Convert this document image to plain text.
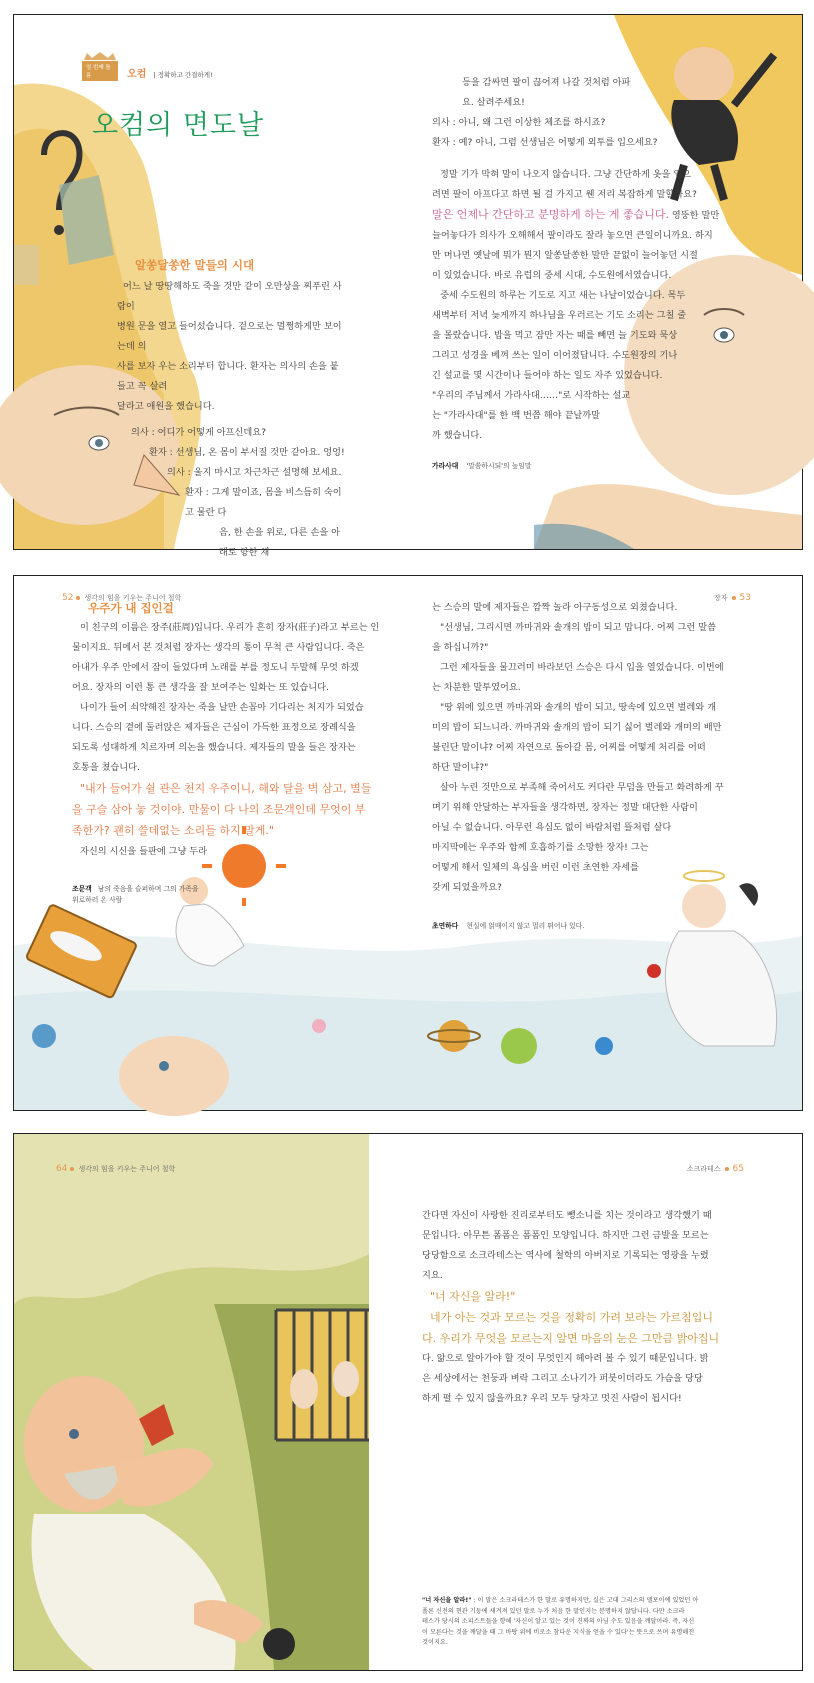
열 번째 틀름	오컴 | 정확하고 간결하게!
오컴의 면도날

알쏭달쏭한 말들의 시대

어느 날 땅땅해하도 죽을 것만 같이 오만상을 찌푸린 사람이

병원 문을 열고 들어섰습니다. 겉으로는 멀쩡하게만 보이는데 의

사를 보자 우는 소리부터 합니다. 환자는 의사의 손을 붙들고 꼭 살려

달라고 애원을 했습니다.

의사 : 어디가 어떻게 아프신데요?

환자 : 선생님, 온 몸이 부서질 것만 같아요. 엉엉!

의사 : 울지 마시고 차근차근 설명해 보세요.

환자 : 그게 말이죠, 몸을 비스듬히 숙이고 물란 다

음, 한 손을 위로, 다른 손을 아래로 향한 채

등을 감싸면 팔이 끊어져 나갈 것처럼 아파

요. 살려주세요!

의사 : 아니, 왜 그런 이상한 체조를 하시죠?

환자 : 예? 아니, 그럼 선생님은 어떻게 외투를 입으세요?

정말 기가 막혀 말이 나오지 않습니다. 그냥 간단하게 옷을 입으

려면 팔이 아프다고 하면 될 걸 가지고 웬 저리 복잡하게 말할까요?

말은 언제나 간단하고 분명하게 하는 게 좋습니다. 영뚱한 말만

늘어놓다가 의사가 오해해서 팔이라도 잘라 놓으면 큰일이니까요. 하지

만 머나먼 옛날에 뭐가 뭔지 알쏭달쏭한 말만 끝없이 늘어놓던 시절

이 있었습니다. 바로 유럽의 중세 시대, 수도원에서였습니다.

중세 수도원의 하루는 기도로 지고 새는 나날이었습니다. 목두

새벽부터 저녁 늦게까지 하나님을 우러르는 기도 소리는 그칠 줄

을 몰랐습니다. 밥을 먹고 잠만 자는 때를 빼면 늘 기도와 묵상

그리고 성경을 베껴 쓰는 일이 이어졌답니다. 수도원장의 기나

긴 설교를 몇 시간이나 들어야 하는 일도 자주 있었습니다.

"우리의 주님께서 가라사대……"로 시작하는 설교

는 "가라사대"를 한 백 번쯤 해야 끝날까말

까 했습니다.

가라사대 '말씀하시되'의 높임말
52 생각의 힘을 키우는 주니어 철학	장자 53

우주가 내 집인걸

이 친구의 이름은 장주(莊周)입니다. 우리가 흔히 장자(莊子)라고 부르는 인

물이지요. 뒤에서 본 것처럼 장자는 생각의 통이 무척 큰 사람입니다. 죽은

아내가 우주 안에서 잠이 들었다며 노래를 부를 정도니 두말해 무엇 하겠

어요. 장자의 이런 통 큰 생각을 잘 보여주는 일화는 또 있습니다.

나이가 들어 쇠약해진 장자는 죽을 날만 손꼽아 기다리는 처지가 되었습

니다. 스승의 곁에 둘러앉은 제자들은 근심이 가득한 표정으로 장례식을

되도록 성대하게 치르자며 의논을 했습니다. 제자들의 말을 들은 장자는

호통을 쳤습니다.

"내가 들어가 쉴 관은 천지 우주이니, 해와 달을 벽 삼고, 별들

을 구슬 삼아 놓 것이야. 만물이 다 나의 조문객인데 무엇이 부

족한가? 괜히 쓸데없는 소리들 하지 말게."

자신의 시신을 들판에 그냥 두라

조문객 남의 죽음을 슬퍼하며 그의 가족을 위로하러 온 사람

는 스승의 말에 제자들은 깜짝 놀라 아구동성으로 외쳤습니다.

"선생님, 그리시면 까마귀와 솔개의 밥이 되고 맙니다. 어찌 그런 말씀

을 하십니까?"

그런 제자들을 물끄러미 바라보던 스승은 다시 입을 열었습니다. 이번에

는 차분한 말투였어요.

"땅 위에 있으면 까마귀와 솔개의 밥이 되고, 땅속에 있으면 벌레와 개

미의 밥이 되느니라. 까마귀와 솔개의 밥이 되기 싫어 벌레와 개미의 배만

불린단 말이냐? 어찌 자연으로 돌아갈 몸, 어찌를 어떻게 처리를 어떠

하단 말이냐?"

살아 누린 것만으로 부족해 죽어서도 커다란 무덤을 만들고 화려하게 꾸

며기 위해 안달하는 부자들을 생각하면, 장자는 정말 대단한 사람이

아닐 수 없습니다. 아무런 욕심도 없이 바람처럼 뜰처럼 살다

마지막에는 우주와 함께 호흡하기를 소망한 장자! 그는

어떻게 해서 일체의 욕심을 버린 이런 초연한 자세를

갖게 되었을까요?

초연하다 현실에 얽매이지 않고 멀리 뛰어나 있다.
64 생각의 힘을 키우는 주니어 철학	소크라테스 65

간다면 자신이 사랑한 진리로부터도 뺑소니를 치는 것이라고 생각했기 때

문입니다. 아무튼 폼폼은 폼폼인 모양입니다. 하지만 그런 금발을 모르는

당당함으로 소크라테스는 역사에 철학의 아버지로 기록되는 영광을 누렸

지요.

"너 자신을 알라!"

네가 아는 것과 모르는 것을 정확히 가려 보라는 가르침입니

다. 우리가 무엇을 모르는지 알면 마음의 눈은 그만큼 밝아집니

다. 앎으로 알아가야 할 것이 무엇인지 헤아려 볼 수 있기 때문입니다. 밝

은 세상에서는 천둥과 벼락 그리고 소나기가 퍼붓이더라도 가슴을 당당

하게 펼 수 있지 않을까요? 우리 모두 당차고 멋진 사람이 됩시다!

"너 자신을 알라!" : 이 말은 소크라테스가 한 말로 유명하지만, 실은 고대 그리스의 델포이에 있었던 아
폴론 신전의 현관 기둥에 새겨져 있던 말로 누가 처음 한 말인지는 분명하지 않답니다. 다만 소크라
테스가 당시의 소피스트들을 향해 '자신이 알고 있는 것이 진짜의 아님 수도 있음을 깨달아라. 즉, 자신
이 모른다는 것을 깨달을 때 그 바탕 위에 비로소 참다운 지식을 얻을 수 있다'는 뜻으로 쓰며 유명해진
것이지요.
